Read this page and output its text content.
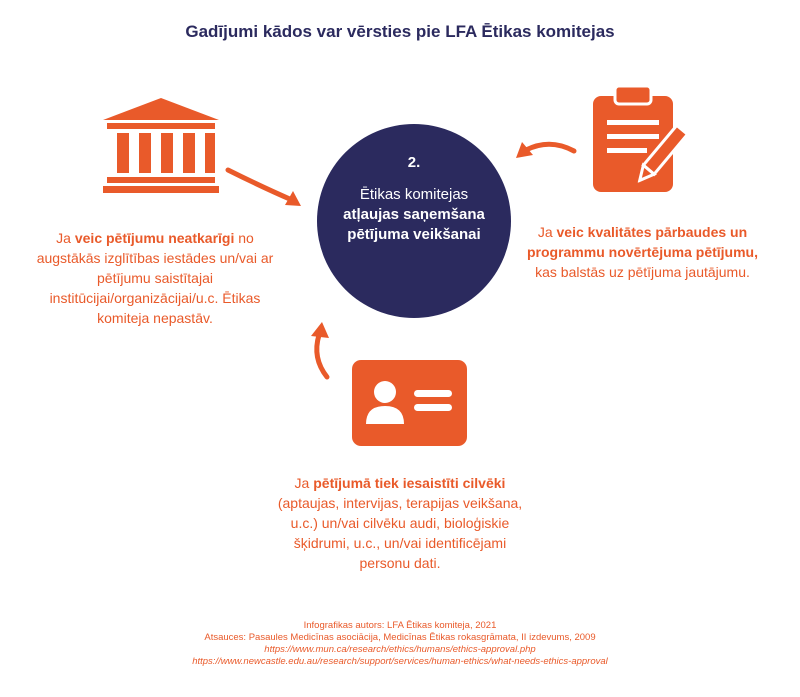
Gadījumi kādos var vērsties pie LFA Ētikas komitejas
2.
Ētikas komitejas
atļaujas saņemšana pētījuma veikšanai
Ja veic pētījumu neatkarīgi no augstākās izglītības iestādes un/vai ar pētījumu saistītajai institūcijai/organizācijai/u.c. Ētikas komiteja nepastāv.
Ja veic kvalitātes pārbaudes un programmu novērtējuma pētījumu, kas balstās uz pētījuma jautājumu.
Ja pētījumā tiek iesaistīti cilvēki (aptaujas, intervijas, terapijas veikšana, u.c.) un/vai cilvēku audi, bioloģiskie šķidrumi, u.c., un/vai identificējami personu dati.
Infografikas autors: LFA Ētikas komiteja, 2021
Atsauces: Pasaules Medicīnas asociācija, Medicīnas Ētikas rokasgrāmata, II izdevums, 2009
https://www.mun.ca/research/ethics/humans/ethics-approval.php
https://www.newcastle.edu.au/research/support/services/human-ethics/what-needs-ethics-approval
